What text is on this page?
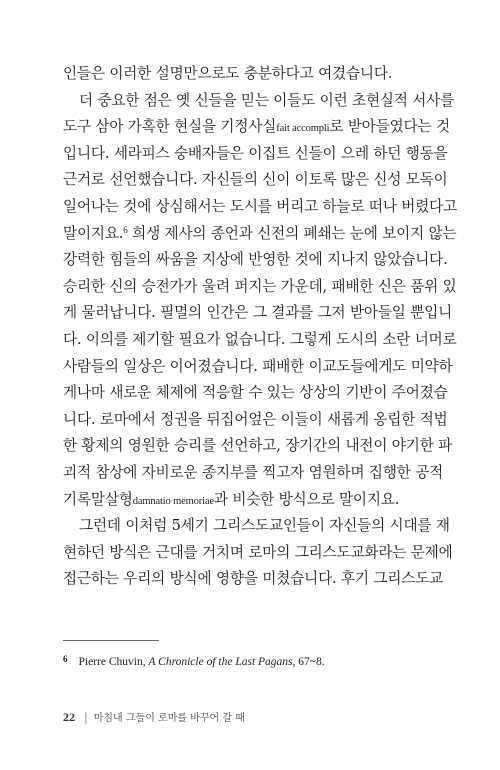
인들은 이러한 설명만으로도 충분하다고 여겼습니다.
더 중요한 점은 옛 신들을 믿는 이들도 이런 초현실적 서사를
도구 삼아 가혹한 현실을 기정사실fait accompli로 받아들였다는 것
입니다. 세라피스 숭배자들은 이집트 신들이 으레 하던 행동을
근거로 선언했습니다. 자신들의 신이 이토록 많은 신성 모독이
일어나는 것에 상심해서는 도시를 버리고 하늘로 떠나 버렸다고
말이지요.$^6$ 희생 제사의 종언과 신전의 폐쇄는 눈에 보이지 않는
강력한 힘들의 싸움을 지상에 반영한 것에 지나지 않았습니다.
승리한 신의 승전가가 울려 퍼지는 가운데, 패배한 신은 품위 있
게 물러납니다. 필멸의 인간은 그 결과를 그저 받아들일 뿐입니
다. 이의를 제기할 필요가 없습니다. 그렇게 도시의 소란 너머로
사람들의 일상은 이어졌습니다. 패배한 이교도들에게도 미약하
게나마 새로운 체제에 적응할 수 있는 상상의 기반이 주어졌습
니다. 로마에서 정권을 뒤집어엎은 이들이 새롭게 옹립한 적법
한 황제의 영원한 승리를 선언하고, 장기간의 내전이 야기한 파
괴적 참상에 자비로운 종지부를 찍고자 염원하며 집행한 공적
기록말살형damnatio memoriae과 비슷한 방식으로 말이지요.
그런데 이처럼 5세기 그리스도교인들이 자신들의 시대를 재
현하던 방식은 근대를 거치며 로마의 그리스도교화라는 문제에
접근하는 우리의 방식에 영향을 미쳤습니다. 후기 그리스도교
$^6$ Pierre Chuvin, A Chronicle of the Last Pagans, 67~8.
22 | 마침내 그들이 로마를 바꾸어 갈 때
